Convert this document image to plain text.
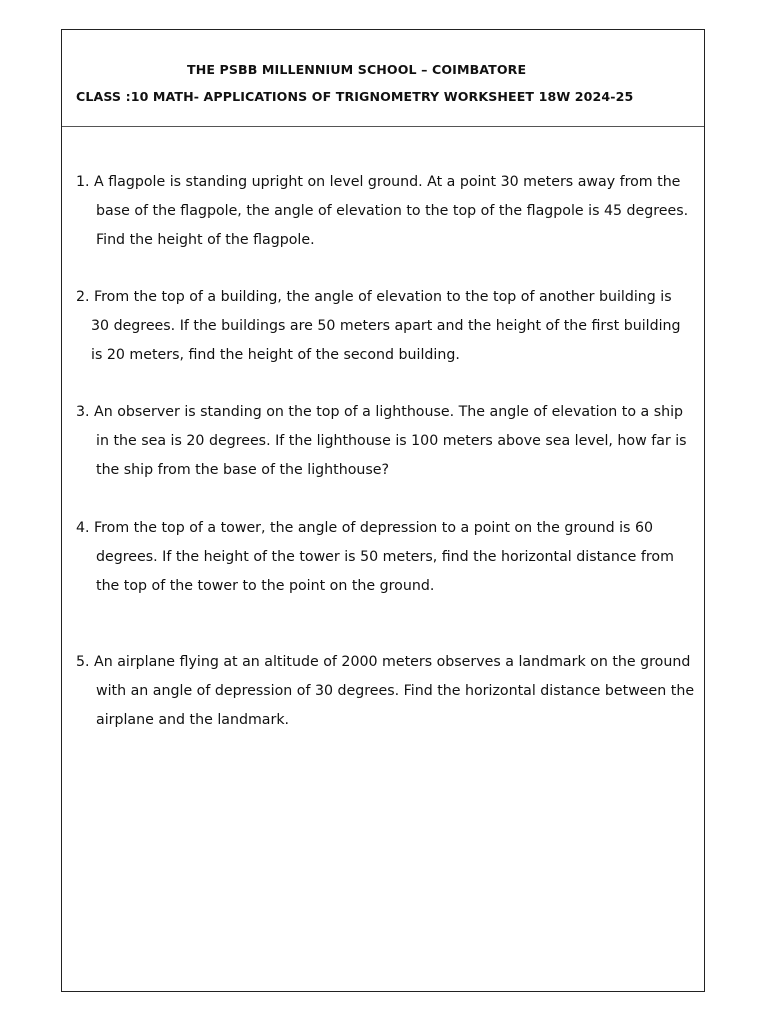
THE PSBB MILLENNIUM SCHOOL – COIMBATORE
CLASS :10 MATH- APPLICATIONS OF TRIGNOMETRY WORKSHEET 18W 2024-25
1. A flagpole is standing upright on level ground. At a point 30 meters away from the
base of the flagpole, the angle of elevation to the top of the flagpole is 45 degrees.
Find the height of the flagpole.
2. From the top of a building, the angle of elevation to the top of another building is
30 degrees. If the buildings are 50 meters apart and the height of the first building
is 20 meters, find the height of the second building.
3. An observer is standing on the top of a lighthouse. The angle of elevation to a ship
in the sea is 20 degrees. If the lighthouse is 100 meters above sea level, how far is
the ship from the base of the lighthouse?
4. From the top of a tower, the angle of depression to a point on the ground is 60
degrees. If the height of the tower is 50 meters, find the horizontal distance from
the top of the tower to the point on the ground.
5. An airplane flying at an altitude of 2000 meters observes a landmark on the ground
with an angle of depression of 30 degrees. Find the horizontal distance between the
airplane and the landmark.
